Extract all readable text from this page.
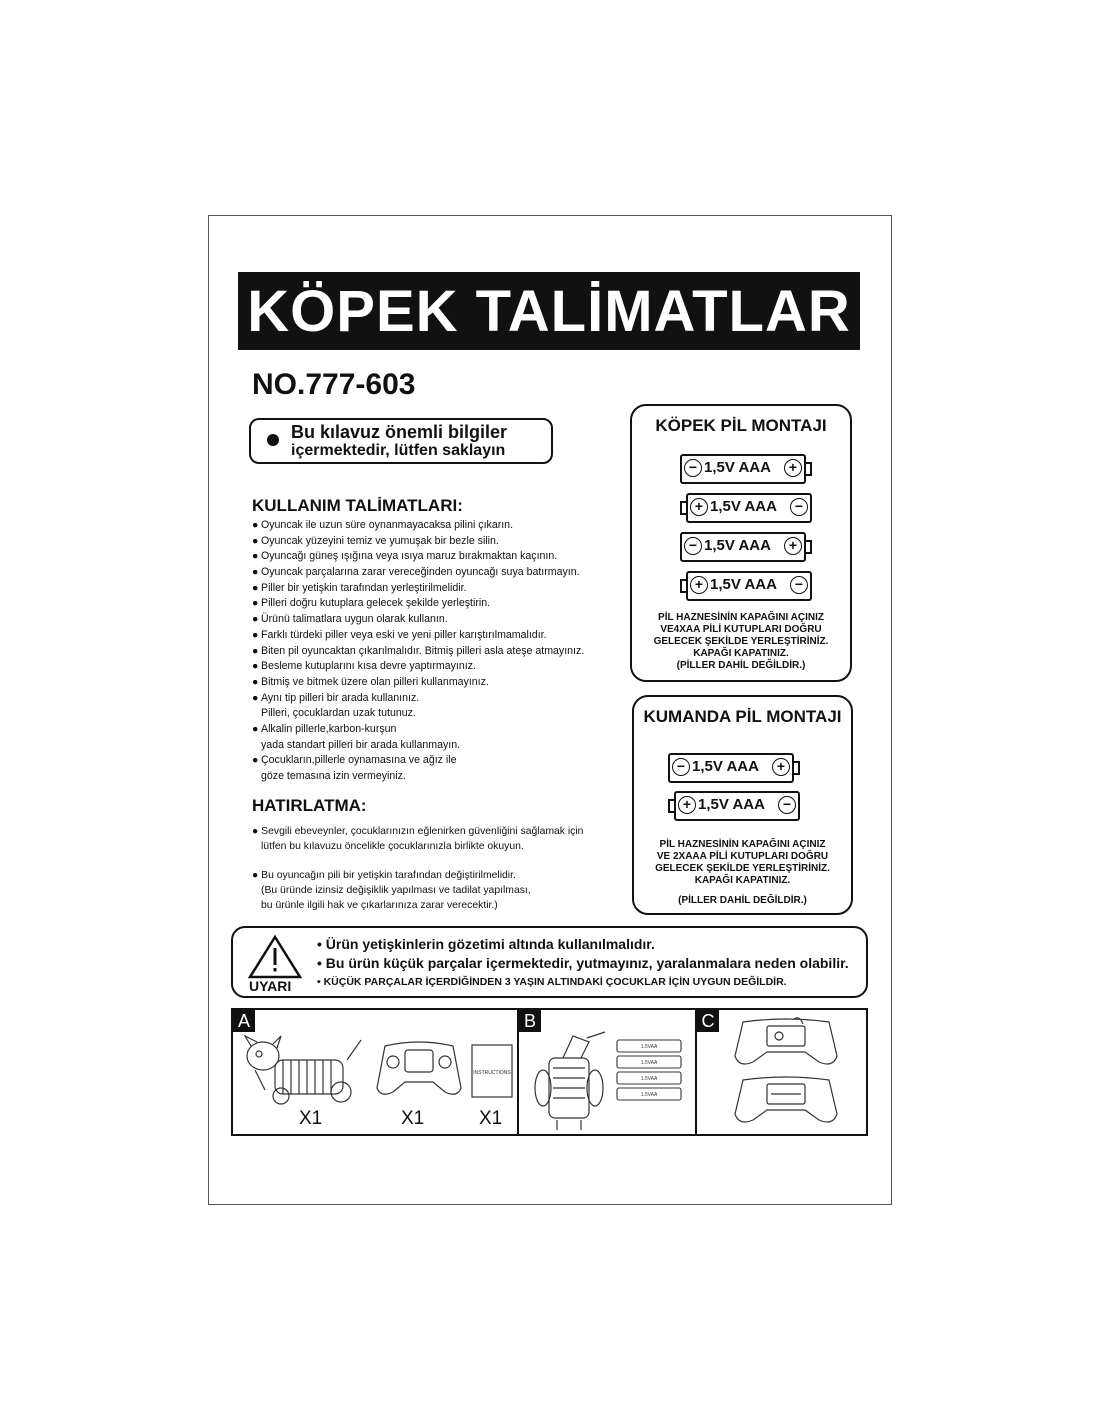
KÖPEK TALİMATLAR
NO.777-603
Bu kılavuz önemli bilgiler
içermektedir, lütfen saklayın
KULLANIM TALİMATLARI:
● Oyuncak ile uzun süre oynanmayacaksa pilini çıkarın.
● Oyuncak yüzeyini temiz ve yumuşak bir bezle silin.
● Oyuncağı güneş ışığına veya ısıya maruz bırakmaktan kaçının.
● Oyuncak parçalarına zarar vereceğinden oyuncağı suya batırmayın.
● Piller bir yetişkin tarafından yerleştirilmelidir.
● Pilleri doğru kutuplara gelecek şekilde yerleştirin.
● Ürünü talimatlara uygun olarak kullanın.
● Farklı türdeki piller veya eski ve yeni piller karıştırılmamalıdır.
● Biten pil oyuncaktan çıkarılmalıdır. Bitmiş pilleri asla ateşe atmayınız.
● Besleme kutuplarını kısa devre yaptırmayınız.
● Bitmiş ve bitmek üzere olan pilleri kullanmayınız.
● Aynı tip pilleri bir arada kullanınız.
Pilleri, çocuklardan uzak tutunuz.
● Alkalin pillerle,karbon-kurşun
yada standart pilleri bir arada kullanmayın.
● Çocukların,pillerle oynamasına ve ağız ile
göze temasına izin vermeyiniz.
HATIRLATMA:

● Sevgili ebeveynler, çocuklarınızın eğlenirken güvenliğini sağlamak için

lütfen bu kılavuzu öncelikle çocuklarınızla birlikte okuyun.

● Bu oyuncağın pili bir yetişkin tarafından değiştirilmelidir.

(Bu üründe izinsiz değişiklik yapılması ve tadilat yapılması,

bu ürünle ilgili hak ve çıkarlarınıza zarar verecektir.)

KÖPEK PİL MONTAJI
− 1,5V AAA	+
+ 1,5V AAA	−
− 1,5V AAA	+
+ 1,5V AAA	−
PİL HAZNESİNİN KAPAĞINI AÇINIZ
VE4XAA PİLİ KUTUPLARI DOĞRU
GELECEK ŞEKİLDE YERLEŞTİRİNİZ.
KAPAĞI KAPATINIZ.
(PİLLER DAHİL DEĞİLDİR.)
KUMANDA PİL MONTAJI
− 1,5V AAA	+
+ 1,5V AAA	−
PİL HAZNESİNİN KAPAĞINI AÇINIZ
VE 2XAAA PİLİ KUTUPLARI DOĞRU
GELECEK ŞEKİLDE YERLEŞTİRİNİZ.
KAPAĞI KAPATINIZ.
(PİLLER DAHİL DEĞİLDİR.)
UYARI
• Ürün yetişkinlerin gözetimi altında kullanılmalıdır.
• Bu ürün küçük parçalar içermektedir, yutmayınız, yaralanmalara neden olabilir.
• KÜÇÜK PARÇALAR İÇERDİĞİNDEN 3 YAŞIN ALTINDAKİ ÇOCUKLAR İÇİN UYGUN DEĞİLDİR.
A
INSTRUCTIONS
X1	X1	X1
B
1.5VAA
1.5VAA
1.5VAA
1.5VAA
C
